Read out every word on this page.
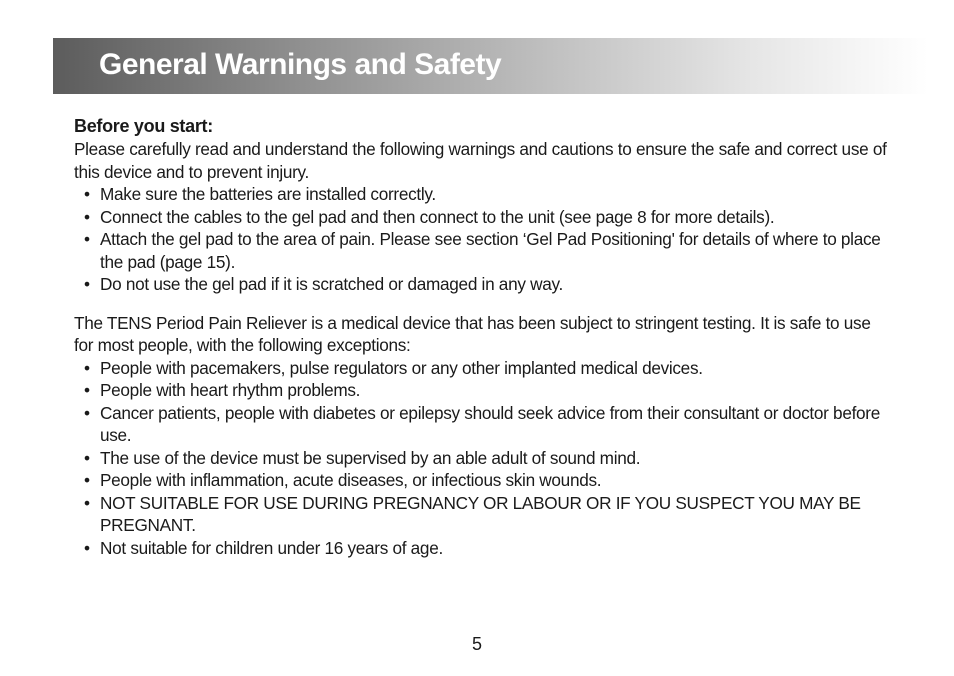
General Warnings and Safety
Before you start:

Please carefully read and understand the following warnings and cautions to ensure the safe and correct use of this device and to prevent injury.

• Make sure the batteries are installed correctly.
• Connect the cables to the gel pad and then connect to the unit (see page 8 for more details).
• Attach the gel pad to the area of pain. Please see section ‘Gel Pad Positioning' for details of where to place the pad (page 15).
• Do not use the gel pad if it is scratched or damaged in any way.

The TENS Period Pain Reliever is a medical device that has been subject to stringent testing. It is safe to use for most people, with the following exceptions:

• People with pacemakers, pulse regulators or any other implanted medical devices.
• People with heart rhythm problems.
• Cancer patients, people with diabetes or epilepsy should seek advice from their consultant or doctor before use.
• The use of the device must be supervised by an able adult of sound mind.
• People with inflammation, acute diseases, or infectious skin wounds.
• NOT SUITABLE FOR USE DURING PREGNANCY OR LABOUR OR IF YOU SUSPECT YOU MAY BE PREGNANT.
• Not suitable for children under 16 years of age.
5
